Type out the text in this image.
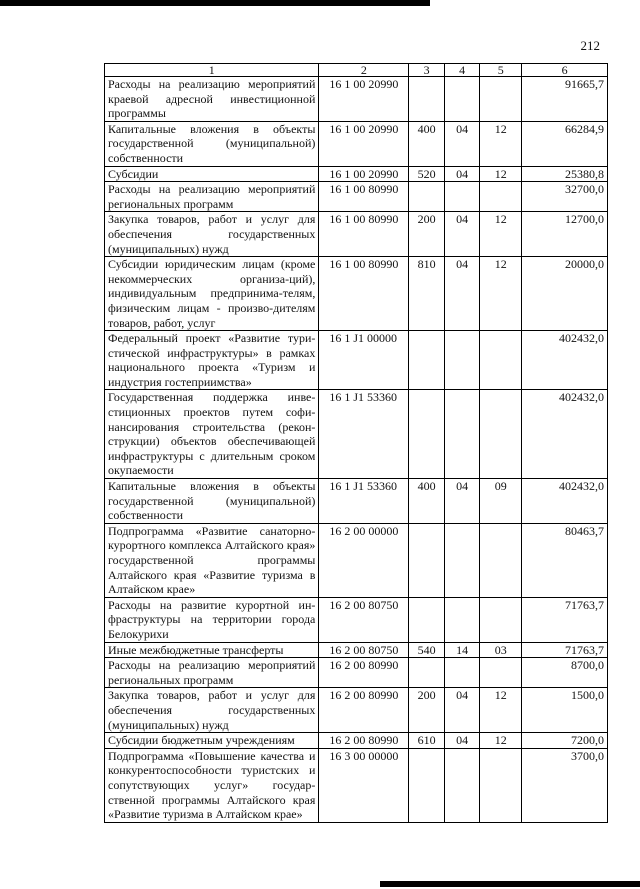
212
1	2	3	4	5	6
Расходы на реализацию мероприятий краевой адресной инвестиционной программы	16 1 00 20990				91665,7
Капитальные вложения в объекты государственной (муниципальной) собственности	16 1 00 20990	400	04	12	66284,9
Субсидии	16 1 00 20990	520	04	12	25380,8
Расходы на реализацию мероприятий региональных программ	16 1 00 80990				32700,0
Закупка товаров, работ и услуг для обеспечения государственных (муниципальных) нужд	16 1 00 80990	200	04	12	12700,0
Субсидии юридическим лицам (кроме некоммерческих организа-ций), индивидуальным предпринима-телям, физическим лицам - произво-дителям товаров, работ, услуг	16 1 00 80990	810	04	12	20000,0
Федеральный проект «Развитие тури-стической инфраструктуры» в рамках национального проекта «Туризм и индустрия гостеприимства»	16 1 J1 00000				402432,0
Государственная поддержка инве-стиционных проектов путем софи-нансирования строительства (рекон-струкции) объектов обеспечивающей инфраструктуры с длительным сроком окупаемости	16 1 J1 53360				402432,0
Капитальные вложения в объекты государственной (муниципальной) собственности	16 1 J1 53360	400	04	09	402432,0
Подпрограмма «Развитие санаторно-курортного комплекса Алтайского края» государственной программы Алтайского края «Развитие туризма в Алтайском крае»	16 2 00 00000				80463,7
Расходы на развитие курортной ин-фраструктуры на территории города Белокурихи	16 2 00 80750				71763,7
Иные межбюджетные трансферты	16 2 00 80750	540	14	03	71763,7
Расходы на реализацию мероприятий региональных программ	16 2 00 80990				8700,0
Закупка товаров, работ и услуг для обеспечения государственных (муниципальных) нужд	16 2 00 80990	200	04	12	1500,0
Субсидии бюджетным учреждениям	16 2 00 80990	610	04	12	7200,0
Подпрограмма «Повышение качества и конкурентоспособности туристских и сопутствующих услуг» государ-ственной программы Алтайского края «Развитие туризма в Алтайском крае»	16 3 00 00000				3700,0
